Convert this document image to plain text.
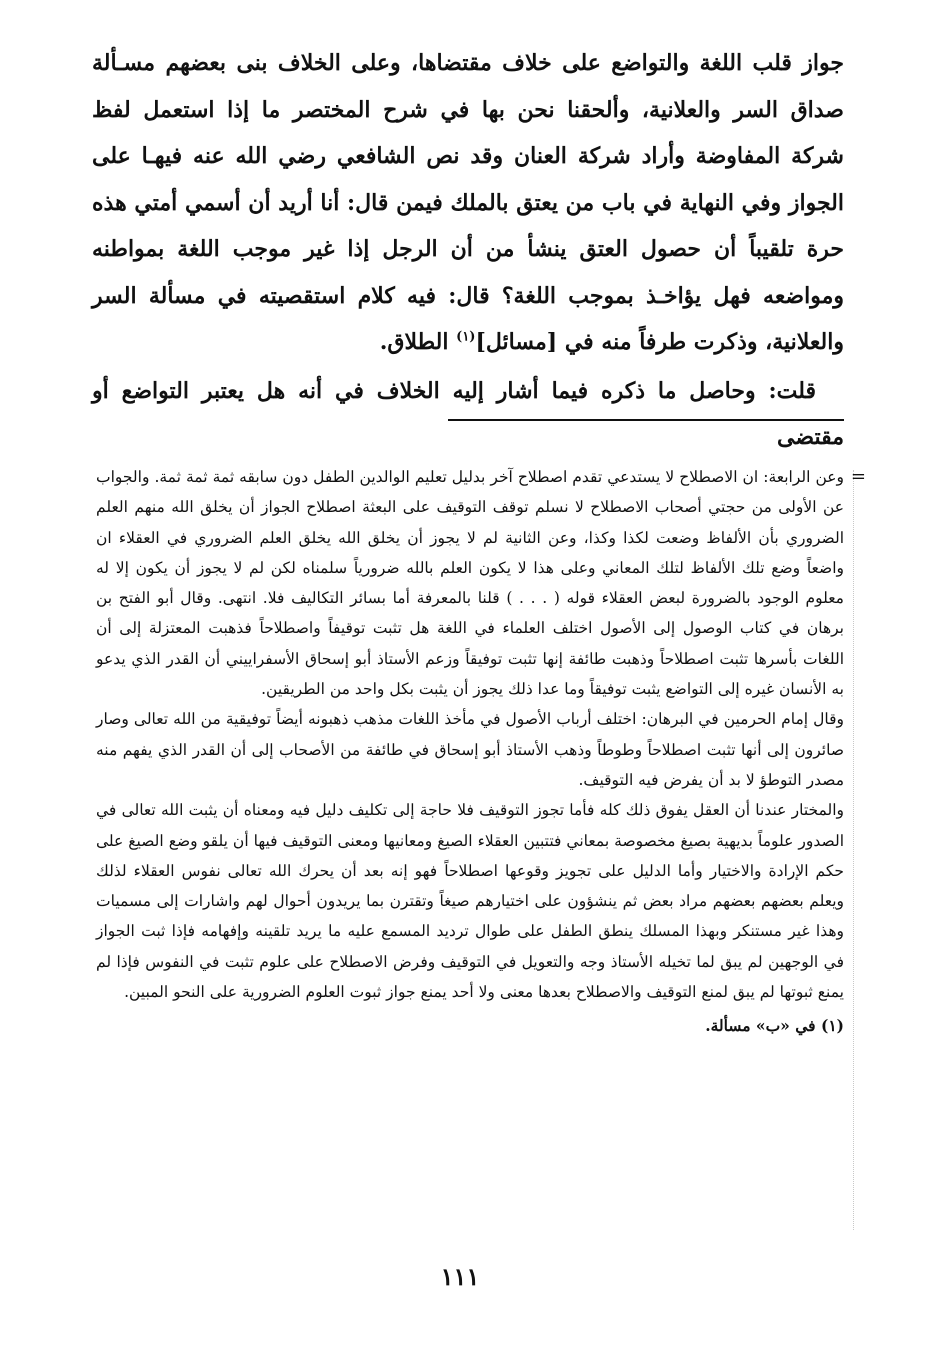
جواز قلب اللغة والتواضع على خلاف مقتضاها، وعلى الخلاف بنى بعضهم مسـألة صداق السر والعلانية، وألحقنا نحن بها في شرح المختصر ما إذا استعمل لفظ شركة المفاوضة وأراد شركة العنان وقد نص الشافعي رضي الله عنه فيهـا على الجواز وفي النهاية في باب من يعتق بالملك فيمن قال: أنا أريد أن أسمي أمتي هذه حرة تلقيباً أن حصول العتق ينشأ من أن الرجل إذا غير موجب اللغة بمواطنه ومواضعه فهل يؤاخـذ بموجب اللغة؟ قال: فيه كلام استقصيته في مسألة السر والعلانية، وذكرت طرفاً منه في [مسائل]$^{(١)}$ الطلاق.

قلت: وحاصل ما ذكره فيما أشار إليه الخلاف في أنه هل يعتبر التواضع أو مقتضى

=

وعن الرابعة: ان الاصطلاح لا يستدعي تقدم اصطلاح آخر بدليل تعليم الوالدين الطفل دون سابقه ثمة ثمة ثمة. والجواب عن الأولى من حجتي أصحاب الاصطلاح لا نسلم توقف التوقيف على البعثة اصطلاح الجواز أن يخلق الله منهم العلم الضروري بأن الألفاظ وضعت لكذا وكذا، وعن الثانية لم لا يجوز أن يخلق الله يخلق العلم الضروري في العقلاء ان واضعاً وضع تلك الألفاظ لتلك المعاني وعلى هذا لا يكون العلم بالله ضرورياً سلمناه لكن لم لا يجوز أن يكون إلا له معلوم الوجود بالضرورة لبعض العقلاء قوله ( . . . ) قلنا بالمعرفة أما بسائر التكاليف فلا. انتهى. وقال أبو الفتح بن برهان في كتاب الوصول إلى الأصول اختلف العلماء في اللغة هل تثبت توقيفاً واصطلاحاً فذهبت المعتزلة إلى أن اللغات بأسرها تثبت اصطلاحاً وذهبت طائفة إنها تثبت توفيقاً وزعم الأستاذ أبو إسحاق الأسفراييني أن القدر الذي يدعو به الأنسان غيره إلى التواضع يثبت توفيقاً وما عدا ذلك يجوز أن يثبت بكل واحد من الطريقين.

وقال إمام الحرمين في البرهان: اختلف أرباب الأصول في مأخذ اللغات مذهب ذهبونه أيضاً توفيقية من الله تعالى وصار صائرون إلى أنها تثبت اصطلاحاً وطوطاً وذهب الأستاذ أبو إسحاق في طائفة من الأصحاب إلى أن القدر الذي يفهم منه مصدر التوطؤ لا بد أن يفرض فيه التوقيف.

والمختار عندنا أن العقل يفوق ذلك كله فأما تجوز التوقيف فلا حاجة إلى تكليف دليل فيه ومعناه أن يثبت الله تعالى في الصدور علوماً بديهية بصيغ مخصوصة بمعاني فتتبين العقلاء الصيغ ومعانيها ومعنى التوقيف فيها أن يلقو وضع الصيغ على حكم الإرادة والاختيار وأما الدليل على تجويز وقوعها اصطلاحاً فهو إنه بعد أن يحرك الله تعالى نفوس العقلاء لذلك ويعلم بعضهم بعضهم مراد بعض ثم ينشؤون على اختيارهم صيغاً وتقترن بما يريدون أحوال لهم واشارات إلى مسميات وهذا غير مستنكر وبهذا المسلك ينطق الطفل على طوال ترديد المسمع عليه ما يريد تلقينه وإفهامه فإذا ثبت الجواز في الوجهين لم يبق لما تخيله الأستاذ وجه والتعويل في التوقيف وفرض الاصطلاح على علوم تثبت في النفوس فإذا لم يمنع ثبوتها لم يبق لمنع التوقيف والاصطلاح بعدها معنى ولا أحد يمنع جواز ثبوت العلوم الضرورية على النحو المبين.

(١) في «ب» مسألة.

١١١
